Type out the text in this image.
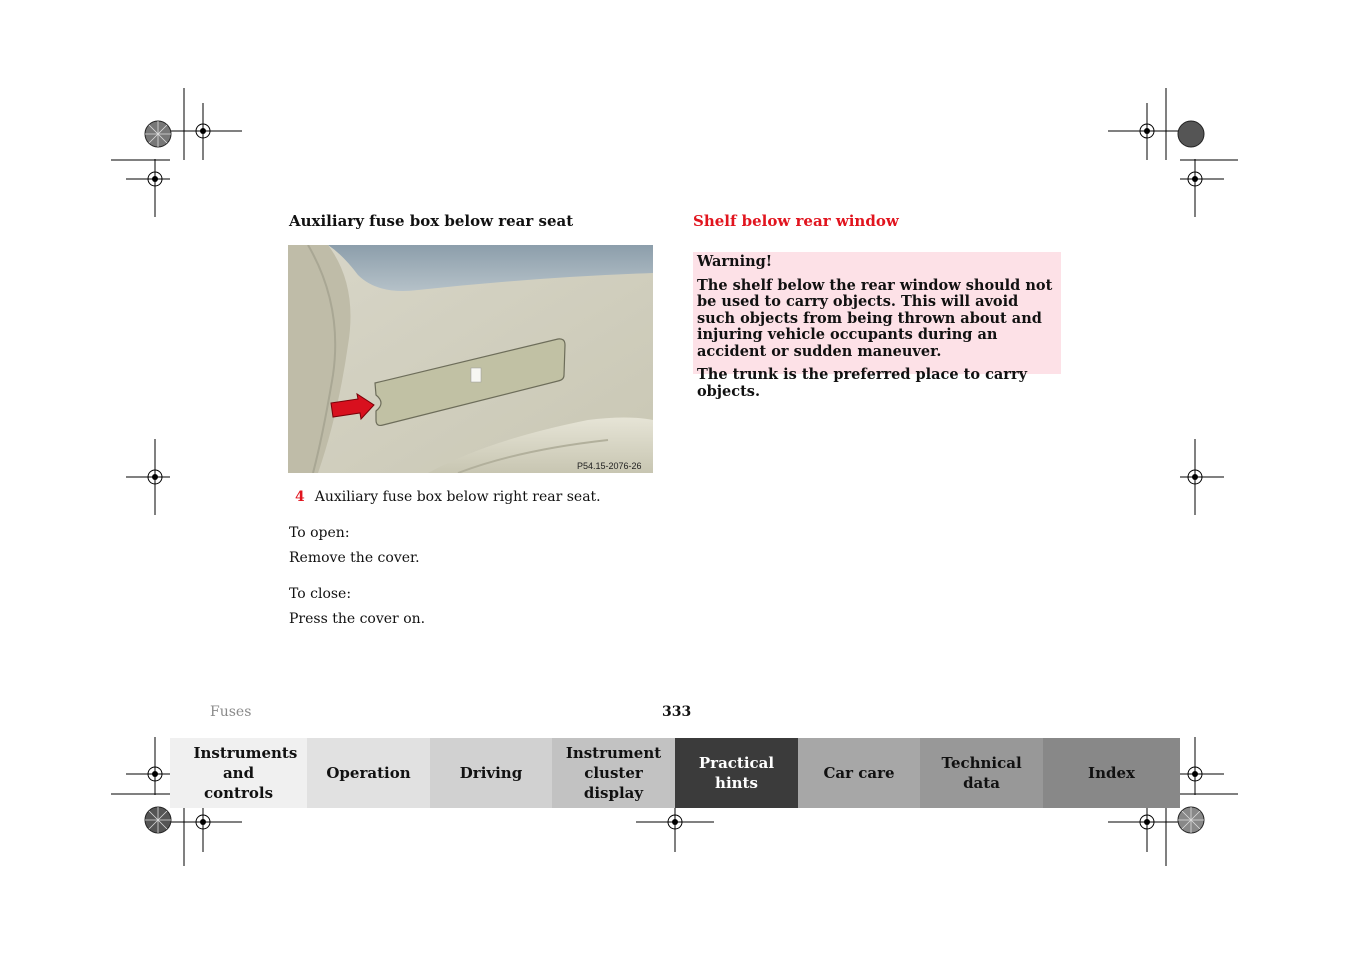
Auxiliary fuse box below rear seat
P54.15-2076-26
4 Auxiliary fuse box below right rear seat.
To open:
Remove the cover.
To close:
Press the cover on.
Shelf below rear window

Warning!

The shelf below the rear window should not be used to carry objects. This will avoid such objects from being thrown about and injuring vehicle occupants during an accident or sudden maneuver.

The trunk is the preferred place to carry objects.

Fuses	333
Instruments and controls
Operation	Driving
Instrument cluster display
Practical hints
Car care
Technical data
Index
